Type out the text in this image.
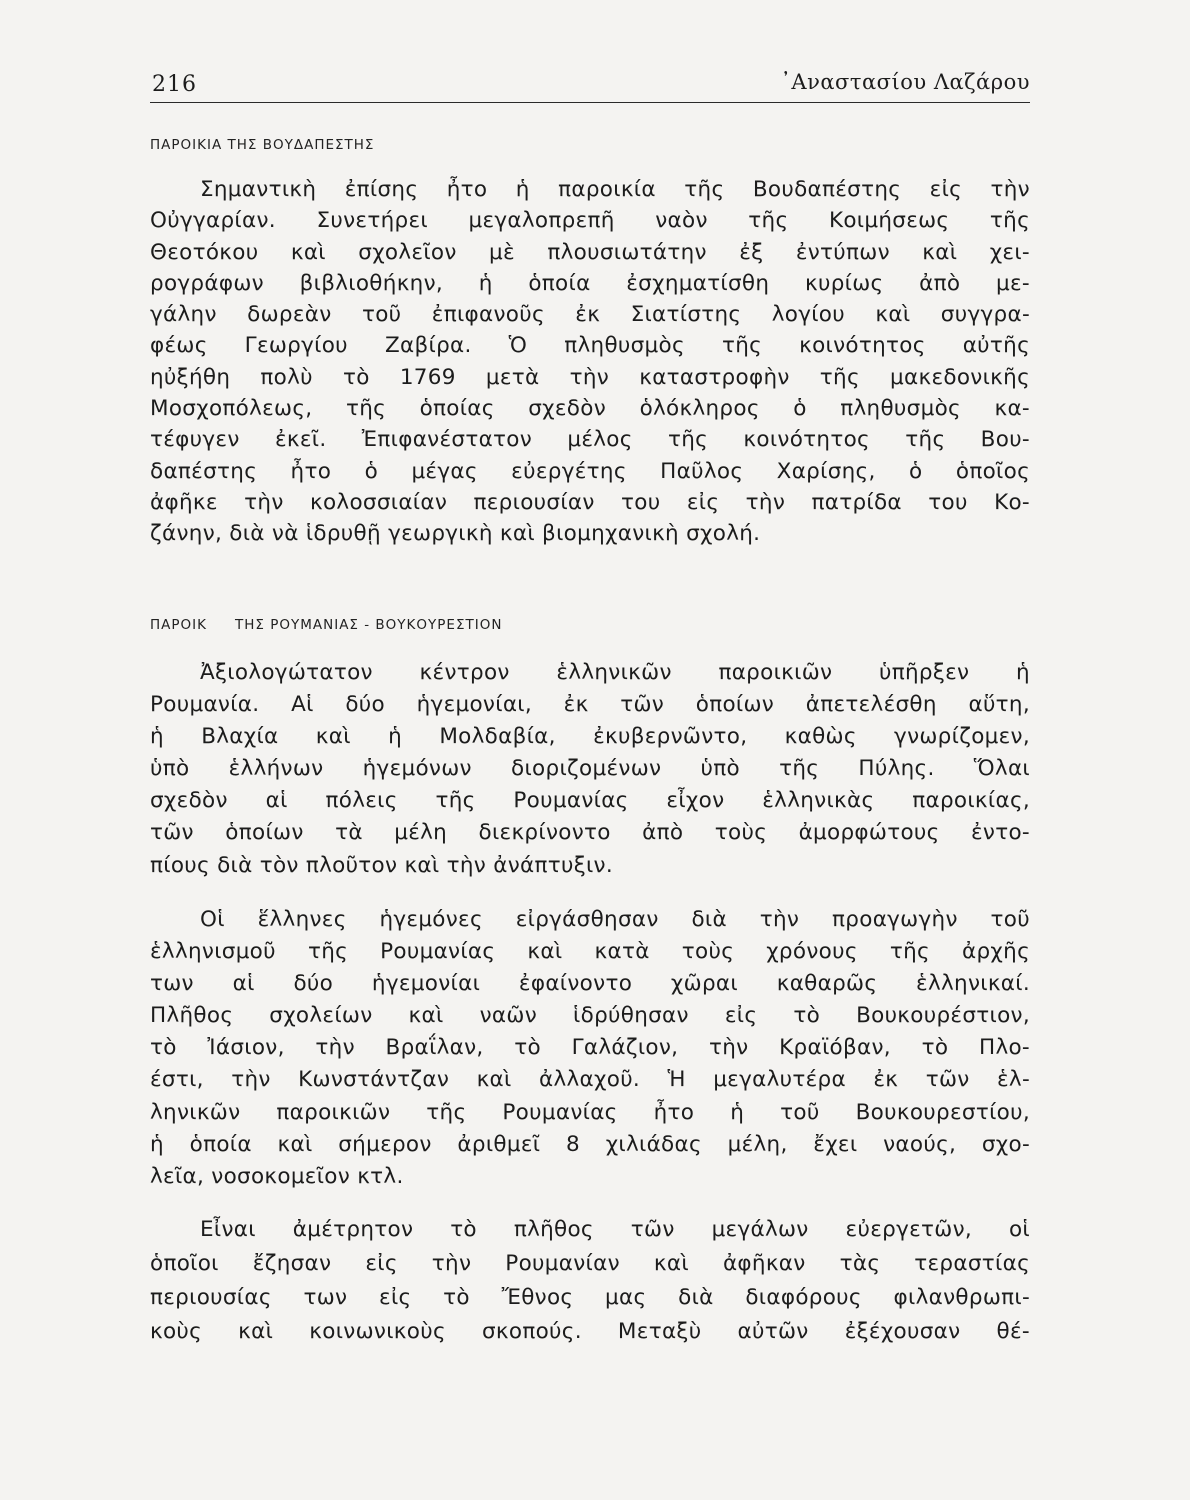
216	᾿Αναστασίου Λαζάρου
ΠΑΡΟΙΚΙΑ ΤΗΣ ΒΟΥΔΑΠΕΣΤΗΣ
Σημαντικὴ ἐπίσης ἦτο ἡ παροικία τῆς Βουδαπέστης εἰς τὴν
Οὐγγαρίαν. Συνετήρει μεγαλοπρεπῆ ναὸν τῆς Κοιμήσεως τῆς
Θεοτόκου καὶ σχολεῖον μὲ πλουσιωτάτην ἐξ ἐντύπων καὶ χει-
ρογράφων βιβλιοθήκην, ἡ ὁποία ἐσχηματίσθη κυρίως ἀπὸ με-
γάλην δωρεὰν τοῦ ἐπιφανοῦς ἐκ Σιατίστης λογίου καὶ συγγρα-
φέως Γεωργίου Ζαβίρα. Ὁ πληθυσμὸς τῆς κοινότητος αὐτῆς
ηὐξήθη πολὺ τὸ 1769 μετὰ τὴν καταστροφὴν τῆς μακεδονικῆς
Μοσχοπόλεως, τῆς ὁποίας σχεδὸν ὁλόκληρος ὁ πληθυσμὸς κα-
τέφυγεν ἐκεῖ. Ἐπιφανέστατον μέλος τῆς κοινότητος τῆς Βου-
δαπέστης ἦτο ὁ μέγας εὐεργέτης Παῦλος Χαρίσης, ὁ ὁποῖος
ἀφῆκε τὴν κολοσσιαίαν περιουσίαν του εἰς τὴν πατρίδα του Κο-
ζάνην, διὰ νὰ ἱδρυθῇ γεωργικὴ καὶ βιομηχανικὴ σχολή.
ΠΑΡΟΙΚ ΤΗΣ ΡΟΥΜΑΝΙΑΣ - ΒΟΥΚΟΥΡΕΣΤΙΟΝ
Ἀξιολογώτατον κέντρον ἑλληνικῶν παροικιῶν ὑπῆρξεν ἡ
Ρουμανία. Αἱ δύο ἡγεμονίαι, ἐκ τῶν ὁποίων ἀπετελέσθη αὕτη,
ἡ Βλαχία καὶ ἡ Μολδαβία, ἐκυβερνῶντο, καθὼς γνωρίζομεν,
ὑπὸ ἑλλήνων ἡγεμόνων διοριζομένων ὑπὸ τῆς Πύλης. Ὅλαι
σχεδὸν αἱ πόλεις τῆς Ρουμανίας εἶχον ἑλληνικὰς παροικίας,
τῶν ὁποίων τὰ μέλη διεκρίνοντο ἀπὸ τοὺς ἀμορφώτους ἐντο-
πίους διὰ τὸν πλοῦτον καὶ τὴν ἀνάπτυξιν.
Οἱ ἕλληνες ἡγεμόνες εἰργάσθησαν διὰ τὴν προαγωγὴν τοῦ
ἑλληνισμοῦ τῆς Ρουμανίας καὶ κατὰ τοὺς χρόνους τῆς ἀρχῆς
των αἱ δύο ἡγεμονίαι ἐφαίνοντο χῶραι καθαρῶς ἑλληνικαί.
Πλῆθος σχολείων καὶ ναῶν ἱδρύθησαν εἰς τὸ Βουκουρέστιον,
τὸ Ἰάσιον, τὴν Βραΐλαν, τὸ Γαλάζιον, τὴν Κραϊόβαν, τὸ Πλο-
έστι, τὴν Κωνστάντζαν καὶ ἀλλαχοῦ. Ἡ μεγαλυτέρα ἐκ τῶν ἑλ-
ληνικῶν παροικιῶν τῆς Ρουμανίας ἦτο ἡ τοῦ Βουκουρεστίου,
ἡ ὁποία καὶ σήμερον ἀριθμεῖ 8 χιλιάδας μέλη, ἔχει ναούς, σχο-
λεῖα, νοσοκομεῖον κτλ.
Εἶναι ἀμέτρητον τὸ πλῆθος τῶν μεγάλων εὐεργετῶν, οἱ
ὁποῖοι ἔζησαν εἰς τὴν Ρουμανίαν καὶ ἀφῆκαν τὰς τεραστίας
περιουσίας των εἰς τὸ Ἔθνος μας διὰ διαφόρους φιλανθρωπι-
κοὺς καὶ κοινωνικοὺς σκοπούς. Μεταξὺ αὐτῶν ἐξέχουσαν θέ-
